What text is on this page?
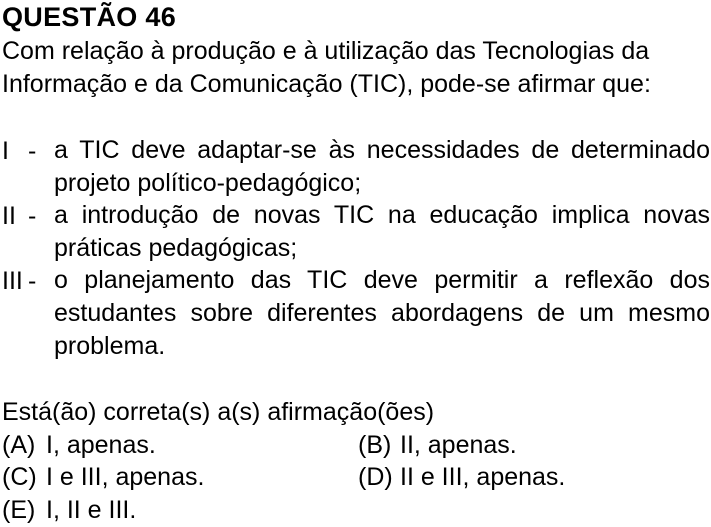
QUESTÃO 46
Com relação à produção e à utilização das Tecnologias da
Informação e da Comunicação (TIC), pode-se afirmar que:
I - a TIC deve adaptar-se às necessidades de determinado
projeto político-pedagógico;
II - a introdução de novas TIC na educação implica novas
práticas pedagógicas;
III - o planejamento das TIC deve permitir a reflexão dos
estudantes sobre diferentes abordagens de um mesmo
problema.
Está(ão) correta(s) a(s) afirmação(ões)
(A) I, apenas.	(B) II, apenas.
(C) I e III, apenas.	(D) II e III, apenas.
(E) I, II e III.
